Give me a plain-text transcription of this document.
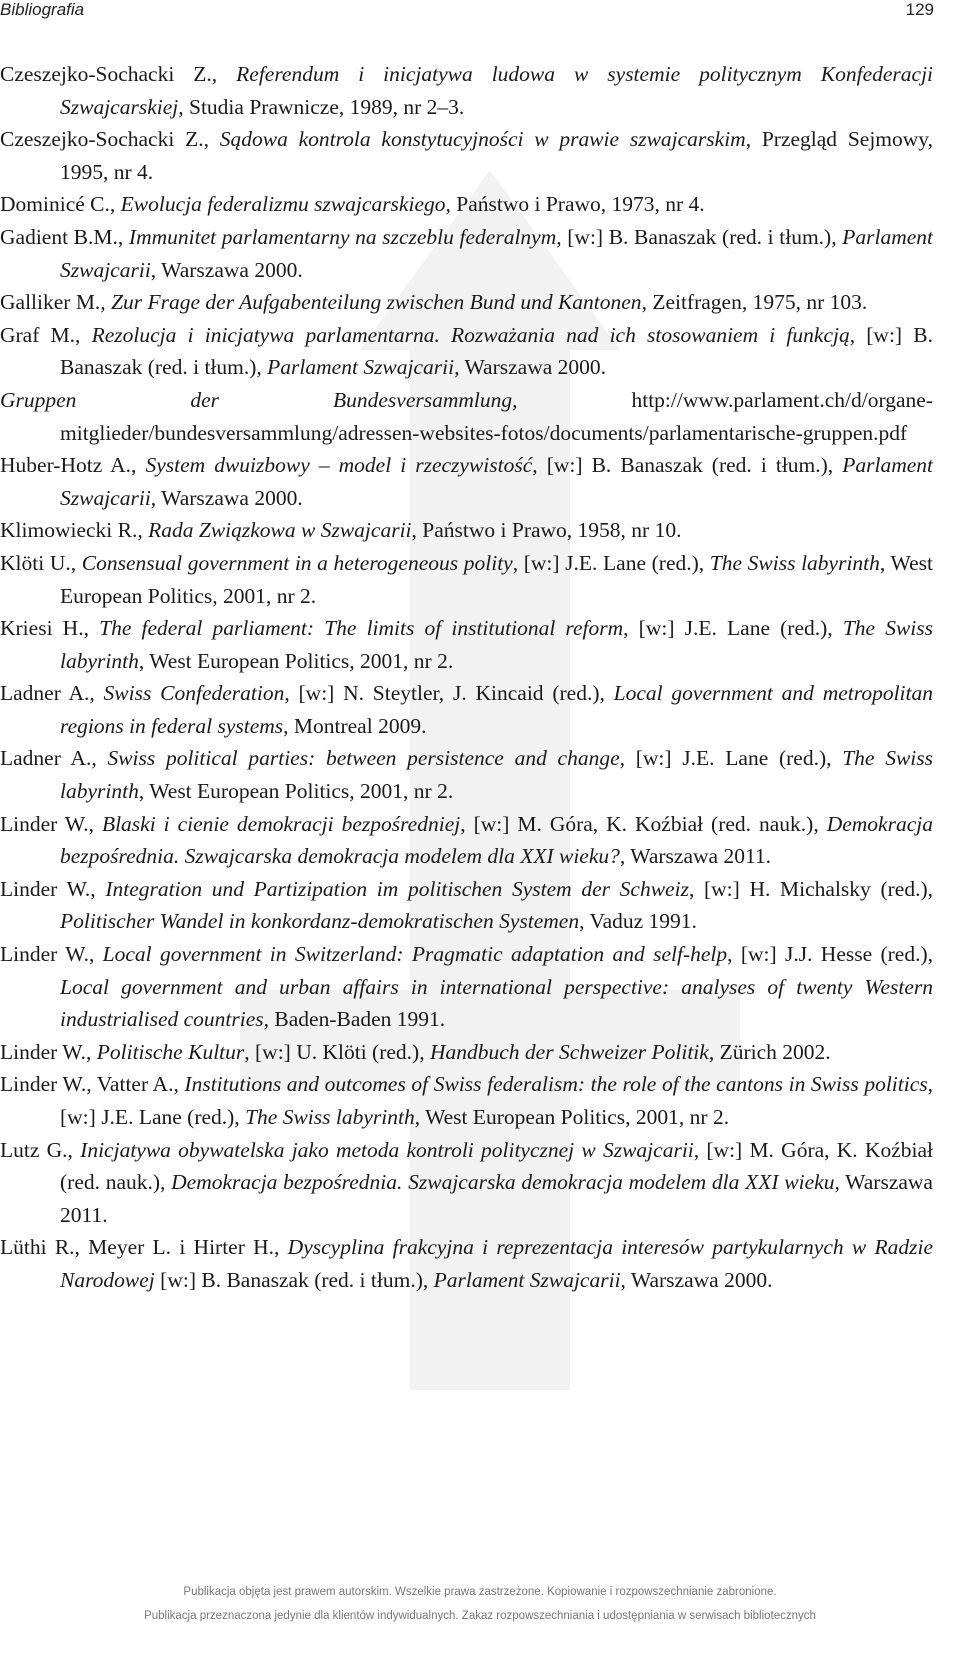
Bibliografia	129

Czeszejko-Sochacki Z., Referendum i inicjatywa ludowa w systemie politycznym Konfederacji Szwajcarskiej, Studia Prawnicze, 1989, nr 2–3.

Czeszejko-Sochacki Z., Sądowa kontrola konstytucyjności w prawie szwajcarskim, Przegląd Sejmowy, 1995, nr 4.

Dominicé C., Ewolucja federalizmu szwajcarskiego, Państwo i Prawo, 1973, nr 4.

Gadient B.M., Immunitet parlamentarny na szczeblu federalnym, [w:] B. Banaszak (red. i tłum.), Parlament Szwajcarii, Warszawa 2000.

Galliker M., Zur Frage der Aufgabenteilung zwischen Bund und Kantonen, Zeitfragen, 1975, nr 103.

Graf M., Rezolucja i inicjatywa parlamentarna. Rozważania nad ich stosowaniem i funkcją, [w:] B. Banaszak (red. i tłum.), Parlament Szwajcarii, Warszawa 2000.

Gruppen der Bundesversammlung, http://www.parlament.ch/d/organe-mitglieder/bundesversammlung/adressen-websites-fotos/documents/parlamentarische-gruppen.pdf

Huber-Hotz A., System dwuizbowy – model i rzeczywistość, [w:] B. Banaszak (red. i tłum.), Parlament Szwajcarii, Warszawa 2000.

Klimowiecki R., Rada Związkowa w Szwajcarii, Państwo i Prawo, 1958, nr 10.

Klöti U., Consensual government in a heterogeneous polity, [w:] J.E. Lane (red.), The Swiss labyrinth, West European Politics, 2001, nr 2.

Kriesi H., The federal parliament: The limits of institutional reform, [w:] J.E. Lane (red.), The Swiss labyrinth, West European Politics, 2001, nr 2.

Ladner A., Swiss Confederation, [w:] N. Steytler, J. Kincaid (red.), Local government and metropolitan regions in federal systems, Montreal 2009.

Ladner A., Swiss political parties: between persistence and change, [w:] J.E. Lane (red.), The Swiss labyrinth, West European Politics, 2001, nr 2.

Linder W., Blaski i cienie demokracji bezpośredniej, [w:] M. Góra, K. Koźbiał (red. nauk.), Demokracja bezpośrednia. Szwajcarska demokracja modelem dla XXI wieku?, Warszawa 2011.

Linder W., Integration und Partizipation im politischen System der Schweiz, [w:] H. Michalsky (red.), Politischer Wandel in konkordanz-demokratischen Systemen, Vaduz 1991.

Linder W., Local government in Switzerland: Pragmatic adaptation and self-help, [w:] J.J. Hesse (red.), Local government and urban affairs in international perspective: analyses of twenty Western industrialised countries, Baden-Baden 1991.

Linder W., Politische Kultur, [w:] U. Klöti (red.), Handbuch der Schweizer Politik, Zürich 2002.

Linder W., Vatter A., Institutions and outcomes of Swiss federalism: the role of the cantons in Swiss politics, [w:] J.E. Lane (red.), The Swiss labyrinth, West European Politics, 2001, nr 2.

Lutz G., Inicjatywa obywatelska jako metoda kontroli politycznej w Szwajcarii, [w:] M. Góra, K. Koźbiał (red. nauk.), Demokracja bezpośrednia. Szwajcarska demokracja modelem dla XXI wieku, Warszawa 2011.

Lüthi R., Meyer L. i Hirter H., Dyscyplina frakcyjna i reprezentacja interesów partykularnych w Radzie Narodowej [w:] B. Banaszak (red. i tłum.), Parlament Szwajcarii, Warszawa 2000.

Publikacja objęta jest prawem autorskim. Wszelkie prawa zastrzeżone. Kopiowanie i rozpowszechnianie zabronione.
Publikacja przeznaczona jedynie dla klientów indywidualnych. Zakaz rozpowszechniania i udostępniania w serwisach bibliotecznych
